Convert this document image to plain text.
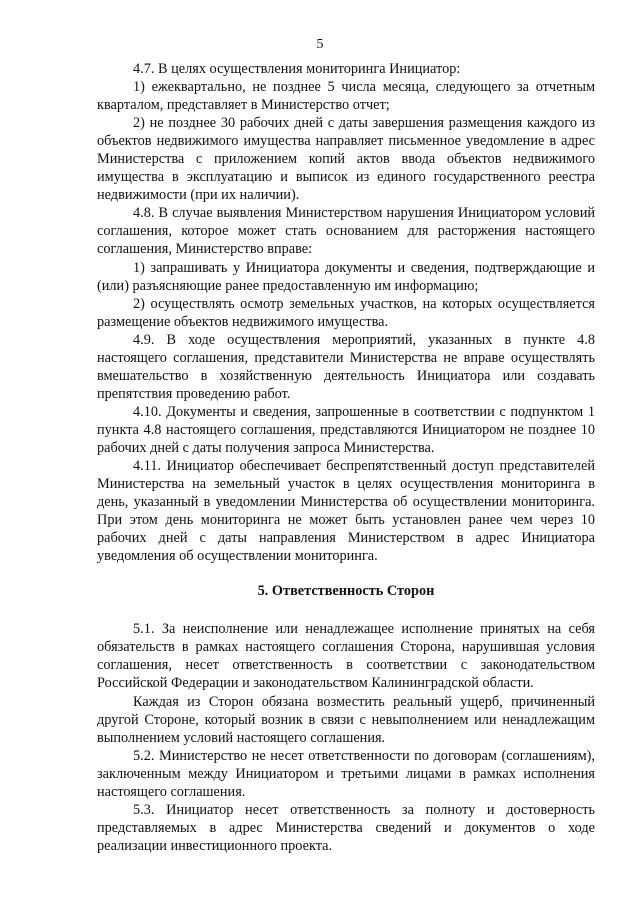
5

4.7. В целях осуществления мониторинга Инициатор:

1) ежеквартально, не позднее 5 числа месяца, следующего за отчетным кварталом, представляет в Министерство отчет;

2) не позднее 30 рабочих дней с даты завершения размещения каждого из объектов недвижимого имущества направляет письменное уведомление в адрес Министерства с приложением копий актов ввода объектов недвижимого имущества в эксплуатацию и выписок из единого государственного реестра недвижимости (при их наличии).

4.8. В случае выявления Министерством нарушения Инициатором условий соглашения, которое может стать основанием для расторжения настоящего соглашения, Министерство вправе:

1) запрашивать у Инициатора документы и сведения, подтверждающие и (или) разъясняющие ранее предоставленную им информацию;

2) осуществлять осмотр земельных участков, на которых осуществляется размещение объектов недвижимого имущества.

4.9. В ходе осуществления мероприятий, указанных в пункте 4.8 настоящего соглашения, представители Министерства не вправе осуществлять вмешательство в хозяйственную деятельность Инициатора или создавать препятствия проведению работ.

4.10. Документы и сведения, запрошенные в соответствии с подпунктом 1 пункта 4.8 настоящего соглашения, представляются Инициатором не позднее 10 рабочих дней с даты получения запроса Министерства.

4.11. Инициатор обеспечивает беспрепятственный доступ представителей Министерства на земельный участок в целях осуществления мониторинга в день, указанный в уведомлении Министерства об осуществлении мониторинга. При этом день мониторинга не может быть установлен ранее чем через 10 рабочих дней с даты направления Министерством в адрес Инициатора уведомления об осуществлении мониторинга.

5. Ответственность Сторон

5.1. За неисполнение или ненадлежащее исполнение принятых на себя обязательств в рамках настоящего соглашения Сторона, нарушившая условия соглашения, несет ответственность в соответствии с законодательством Российской Федерации и законодательством Калининградской области.

Каждая из Сторон обязана возместить реальный ущерб, причиненный другой Стороне, который возник в связи с невыполнением или ненадлежащим выполнением условий настоящего соглашения.

5.2. Министерство не несет ответственности по договорам (соглашениям), заключенным между Инициатором и третьими лицами в рамках исполнения настоящего соглашения.

5.3. Инициатор несет ответственность за полноту и достоверность представляемых в адрес Министерства сведений и документов о ходе реализации инвестиционного проекта.
